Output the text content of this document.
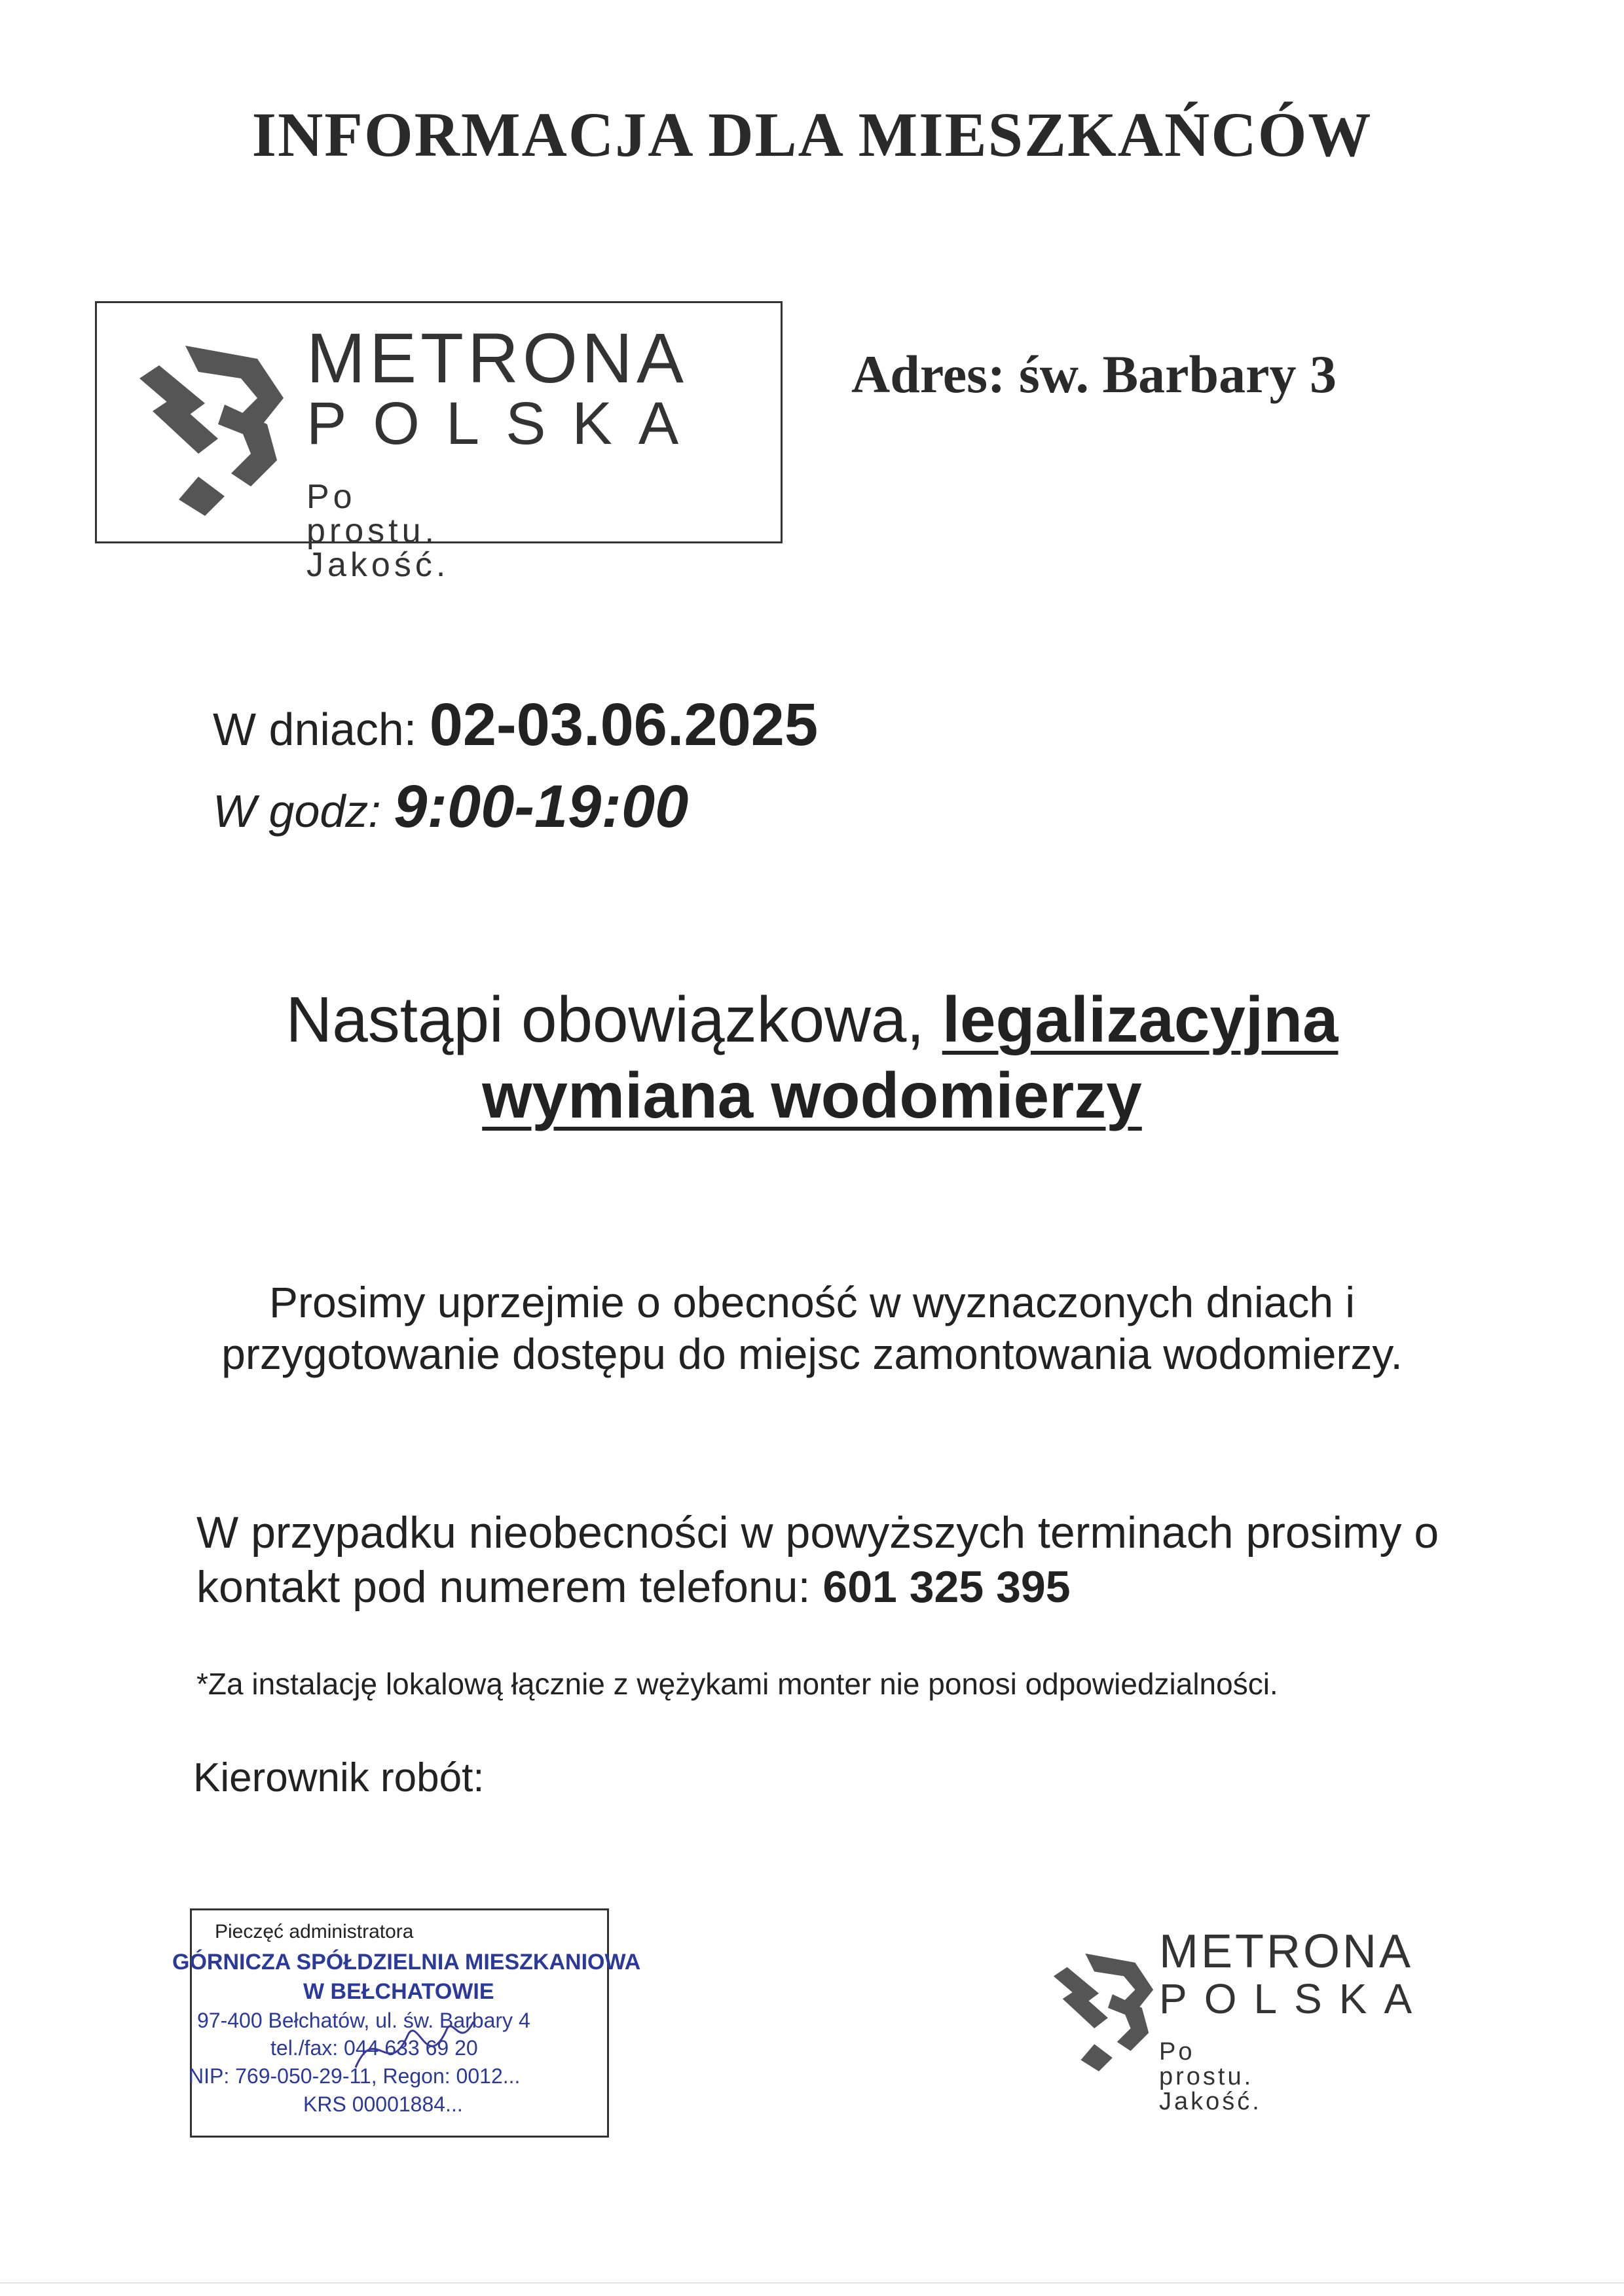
INFORMACJA DLA MIESZKAŃCÓW
METRONA
POLSKA
Po prostu. Jakość.
Adres: św. Barbary 3
W dniach: 02-03.06.2025
W godz: 9:00-19:00
Nastąpi obowiązkowa, legalizacyjna
wymiana wodomierzy
Prosimy uprzejmie o obecność w wyznaczonych dniach i przygotowanie dostępu do miejsc zamontowania wodomierzy.
W przypadku nieobecności w powyższych terminach prosimy o kontakt pod numerem telefonu: 601 325 395
*Za instalację lokalową łącznie z wężykami monter nie ponosi odpowiedzialności.
Kierownik robót:
Pieczęć administratora
GÓRNICZA SPÓŁDZIELNIA MIESZKANIOWA
W BEŁCHATOWIE
97-400 Bełchatów, ul. św. Barbary 4
tel./fax: 044 633 69 20
NIP: 769-050-29-11, Regon: 0012...
KRS 00001884...
METRONA
POLSKA
Po prostu. Jakość.
